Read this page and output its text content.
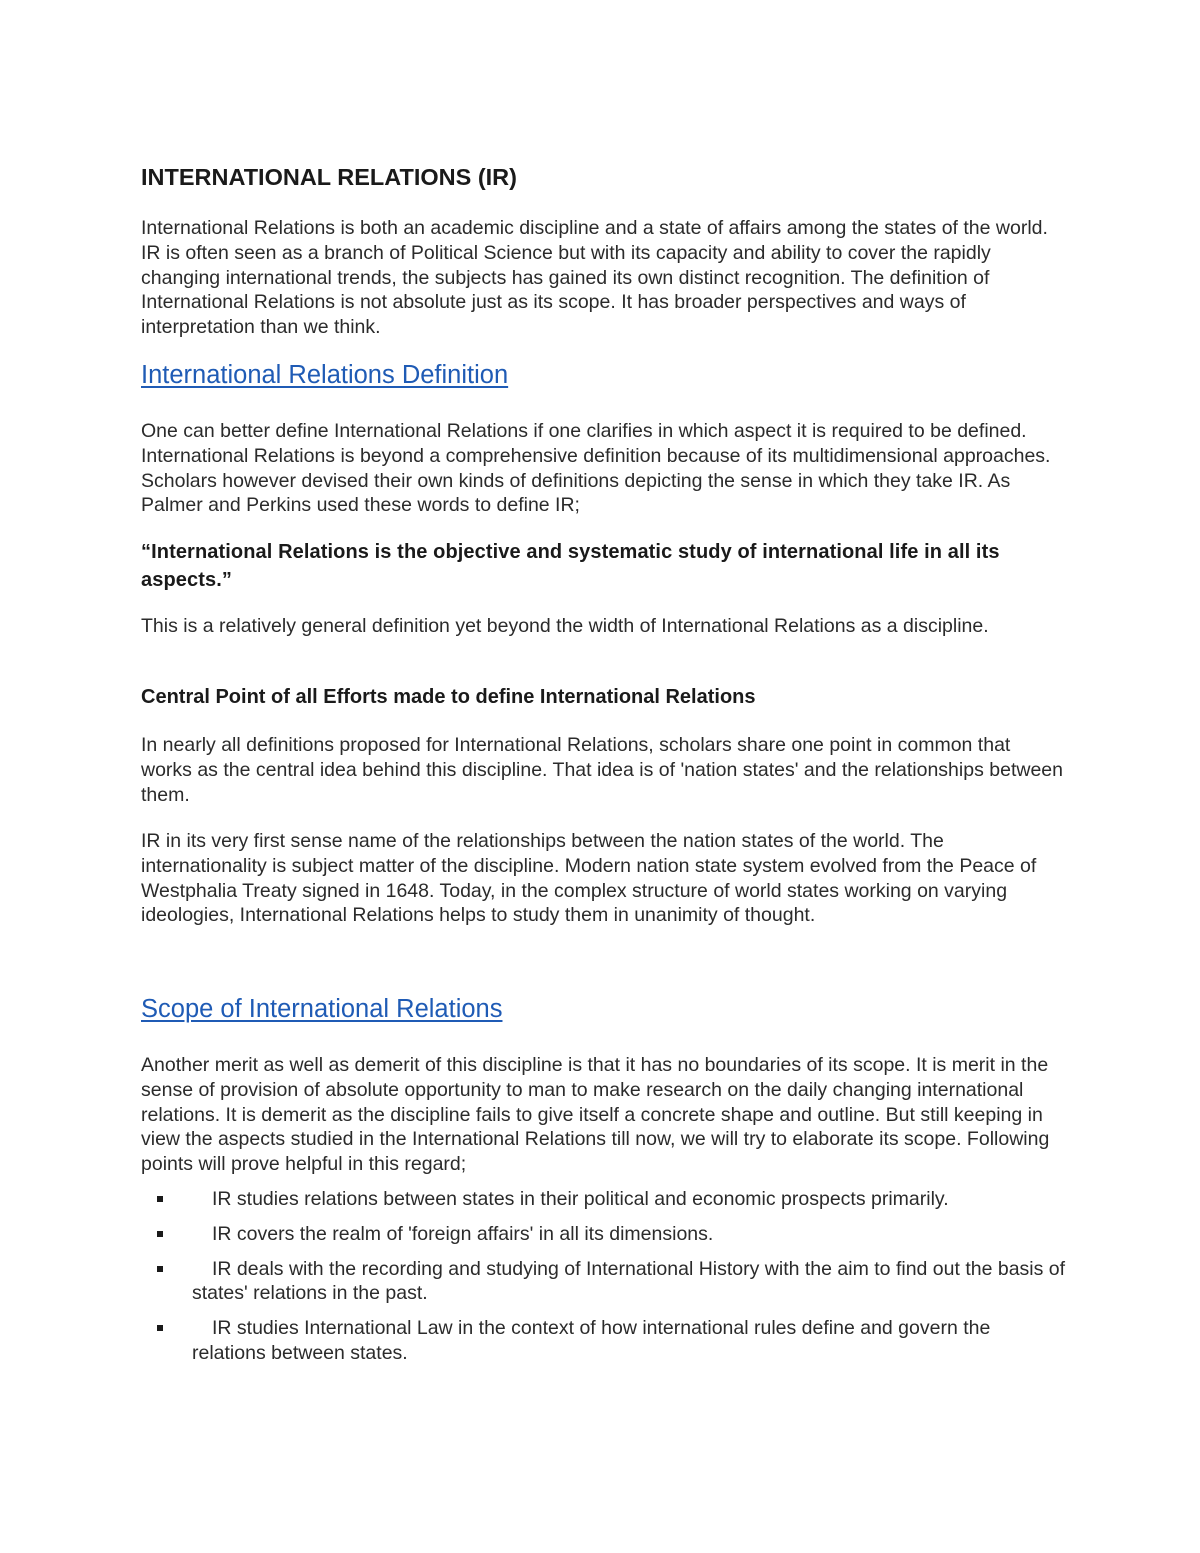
INTERNATIONAL RELATIONS (IR)

International Relations is both an academic discipline and a state of affairs among the states of the world. IR is often seen as a branch of Political Science but with its capacity and ability to cover the rapidly changing international trends, the subjects has gained its own distinct recognition. The definition of International Relations is not absolute just as its scope. It has broader perspectives and ways of interpretation than we think.

International Relations Definition

One can better define International Relations if one clarifies in which aspect it is required to be defined. International Relations is beyond a comprehensive definition because of its multidimensional approaches. Scholars however devised their own kinds of definitions depicting the sense in which they take IR. As Palmer and Perkins used these words to define IR;

“International Relations is the objective and systematic study of international life in all its aspects.”

This is a relatively general definition yet beyond the width of International Relations as a discipline.

Central Point of all Efforts made to define International Relations

In nearly all definitions proposed for International Relations, scholars share one point in common that works as the central idea behind this discipline. That idea is of 'nation states' and the relationships between them.

IR in its very first sense name of the relationships between the nation states of the world. The internationality is subject matter of the discipline. Modern nation state system evolved from the Peace of Westphalia Treaty signed in 1648. Today, in the complex structure of world states working on varying ideologies, International Relations helps to study them in unanimity of thought.

Scope of International Relations

Another merit as well as demerit of this discipline is that it has no boundaries of its scope. It is merit in the sense of provision of absolute opportunity to man to make research on the daily changing international relations. It is demerit as the discipline fails to give itself a concrete shape and outline. But still keeping in view the aspects studied in the International Relations till now, we will try to elaborate its scope. Following points will prove helpful in this regard;

IR studies relations between states in their political and economic prospects primarily.
IR covers the realm of 'foreign affairs' in all its dimensions.
IR deals with the recording and studying of International History with the aim to find out the basis of states' relations in the past.
IR studies International Law in the context of how international rules define and govern the relations between states.
